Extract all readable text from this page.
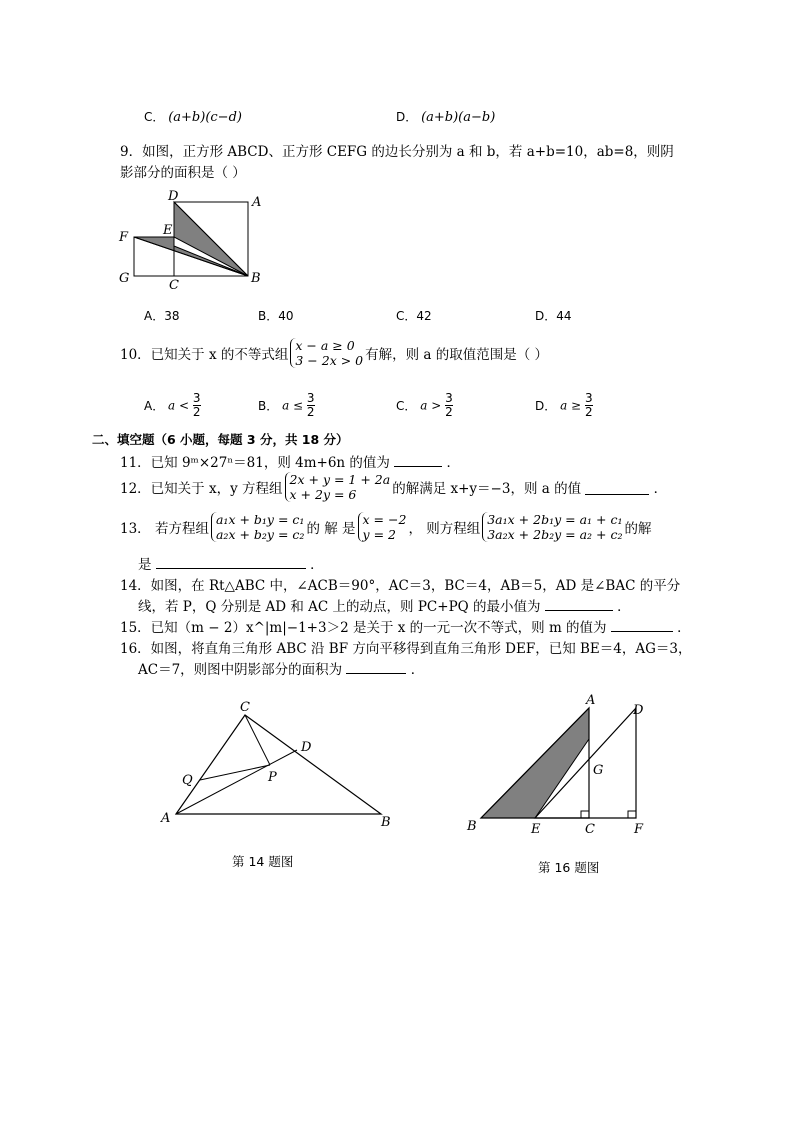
C． (a+b)(c−d)	D． (a+b)(a−b)
9．如图，正方形 ABCD、正方形 CEFG 的边长分别为 a 和 b，若 a+b=10，ab=8，则阴
影部分的面积是（ ）
D	A
F	E
G	C	B
A．38	B．40	C．42	D．44
10．已知关于 x 的不等式组x − a ≥ 0
3 − 2x > 0 有解，则 a 的取值范围是（ ）
A． $a < \frac{3}{2}$	B． $a \le \frac{3}{2}$	C． $a > \frac{3}{2}$	D． $a \ge \frac{3}{2}$
二、填空题（6 小题，每题 3 分，共 18 分）
11．已知 9ᵐ×27ⁿ＝81，则 4m+6n 的值为	．
12．已知关于 x，y 方程组2x + y = 1 + 2a
x + 2y = 6	的解满足 x+y＝−3，则 a 的值	．
13． 若方程组a₁x + b₁y = c₁
a₂x + b₂y = c₂ 的 解 是x = −2
y = 2 ， 则方程组3a₁x + 2b₁y = a₁ + c₁
3a₂x + 2b₂y = a₂ + c₂ 的解
是	．
14．如图，在 Rt△ABC 中，∠ACB＝90°，AC＝3，BC＝4，AB＝5，AD 是∠BAC 的平分
线，若 P，Q 分别是 AD 和 AC 上的动点，则 PC+PQ 的最小值为	．
15．已知（m − 2）x^|m|−1+3＞2 是关于 x 的一元一次不等式，则 m 的值为	．
16．如图，将直角三角形 ABC 沿 BF 方向平移得到直角三角形 DEF，已知 BE＝4，AG＝3，
AC＝7，则图中阴影部分的面积为	．
C
D
Q	P
A	B
第 14 题图
A
D
G
B	E	C	F
第 16 题图
